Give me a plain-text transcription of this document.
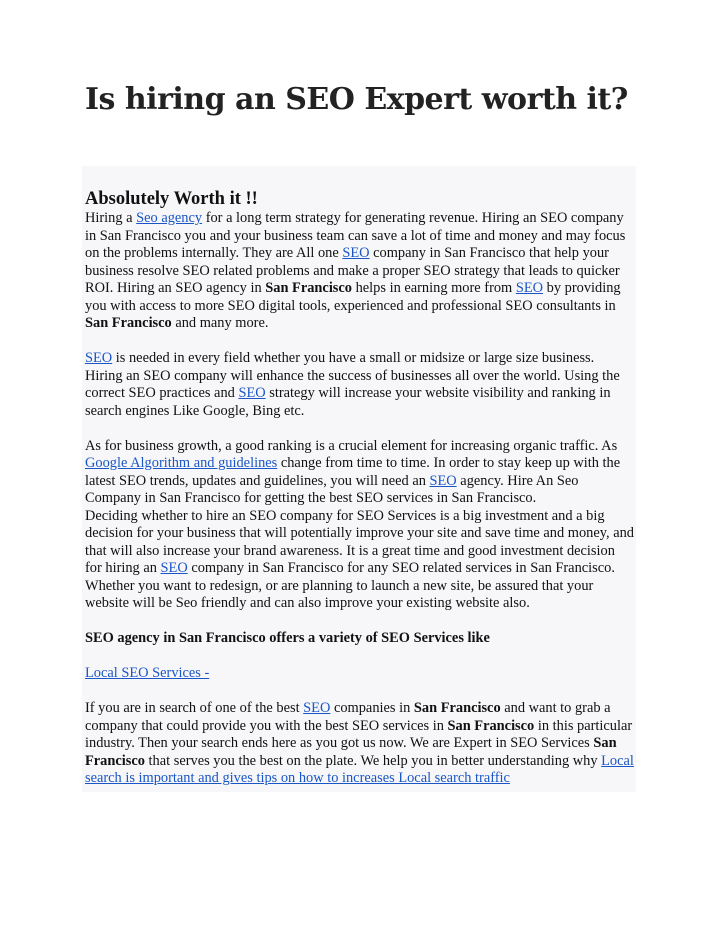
Is hiring an SEO Expert worth it?
Absolutely Worth it !!

Hiring a Seo agency for a long term strategy for generating revenue. Hiring an SEO company in San Francisco you and your business team can save a lot of time and money and may focus on the problems internally. They are All one SEO company in San Francisco that help your business resolve SEO related problems and make a proper SEO strategy that leads to quicker ROI. Hiring an SEO agency in San Francisco helps in earning more from SEO by providing you with access to more SEO digital tools, experienced and professional SEO consultants in San Francisco and many more.

SEO is needed in every field whether you have a small or midsize or large size business. Hiring an SEO company will enhance the success of businesses all over the world. Using the correct SEO practices and SEO strategy will increase your website visibility and ranking in search engines Like Google, Bing etc.

As for business growth, a good ranking is a crucial element for increasing organic traffic. As Google Algorithm and guidelines change from time to time. In order to stay keep up with the latest SEO trends, updates and guidelines, you will need an SEO agency. Hire An Seo Company in San Francisco for getting the best SEO services in San Francisco.
Deciding whether to hire an SEO company for SEO Services is a big investment and a big decision for your business that will potentially improve your site and save time and money, and that will also increase your brand awareness. It is a great time and good investment decision for hiring an SEO company in San Francisco for any SEO related services in San Francisco. Whether you want to redesign, or are planning to launch a new site, be assured that your website will be Seo friendly and can also improve your existing website also.

SEO agency in San Francisco offers a variety of SEO Services like

Local SEO Services -

If you are in search of one of the best SEO companies in San Francisco and want to grab a company that could provide you with the best SEO services in San Francisco in this particular industry. Then your search ends here as you got us now. We are Expert in SEO Services San Francisco that serves you the best on the plate. We help you in better understanding why Local search is important and gives tips on how to increases Local search traffic
